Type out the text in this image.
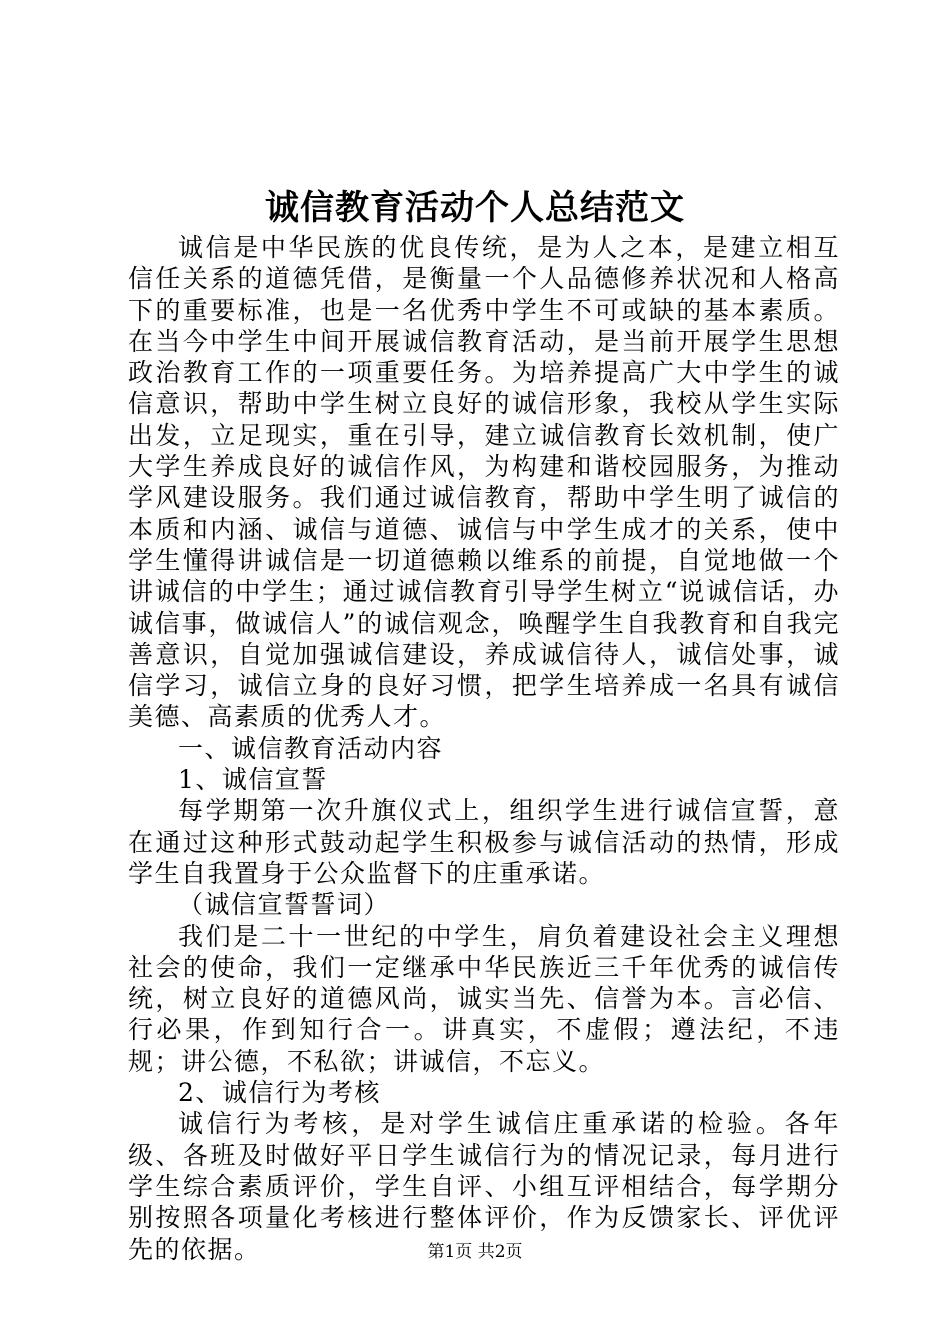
诚信教育活动个人总结范文

诚信是中华民族的优良传统，是为人之本，是建立相互信任关系的道德凭借，是衡量一个人品德修养状况和人格高下的重要标准，也是一名优秀中学生不可或缺的基本素质。在当今中学生中间开展诚信教育活动，是当前开展学生思想政治教育工作的一项重要任务。为培养提高广大中学生的诚信意识，帮助中学生树立良好的诚信形象，我校从学生实际出发，立足现实，重在引导，建立诚信教育长效机制，使广大学生养成良好的诚信作风，为构建和谐校园服务，为推动学风建设服务。我们通过诚信教育，帮助中学生明了诚信的本质和内涵、诚信与道德、诚信与中学生成才的关系，使中学生懂得讲诚信是一切道德赖以维系的前提，自觉地做一个讲诚信的中学生；通过诚信教育引导学生树立“说诚信话，办诚信事，做诚信人”的诚信观念，唤醒学生自我教育和自我完善意识，自觉加强诚信建设，养成诚信待人，诚信处事，诚信学习，诚信立身的良好习惯，把学生培养成一名具有诚信美德、高素质的优秀人才。

一、诚信教育活动内容

1、诚信宣誓

每学期第一次升旗仪式上，组织学生进行诚信宣誓，意在通过这种形式鼓动起学生积极参与诚信活动的热情，形成学生自我置身于公众监督下的庄重承诺。

（诚信宣誓誓词）

我们是二十一世纪的中学生，肩负着建设社会主义理想社会的使命，我们一定继承中华民族近三千年优秀的诚信传统，树立良好的道德风尚，诚实当先、信誉为本。言必信、行必果，作到知行合一。讲真实，不虚假；遵法纪，不违规；讲公德，不私欲；讲诚信，不忘义。

2、诚信行为考核

诚信行为考核，是对学生诚信庄重承诺的检验。各年级、各班及时做好平日学生诚信行为的情况记录，每月进行学生综合素质评价，学生自评、小组互评相结合，每学期分别按照各项量化考核进行整体评价，作为反馈家长、评优评先的依据。	第1页 共2页
